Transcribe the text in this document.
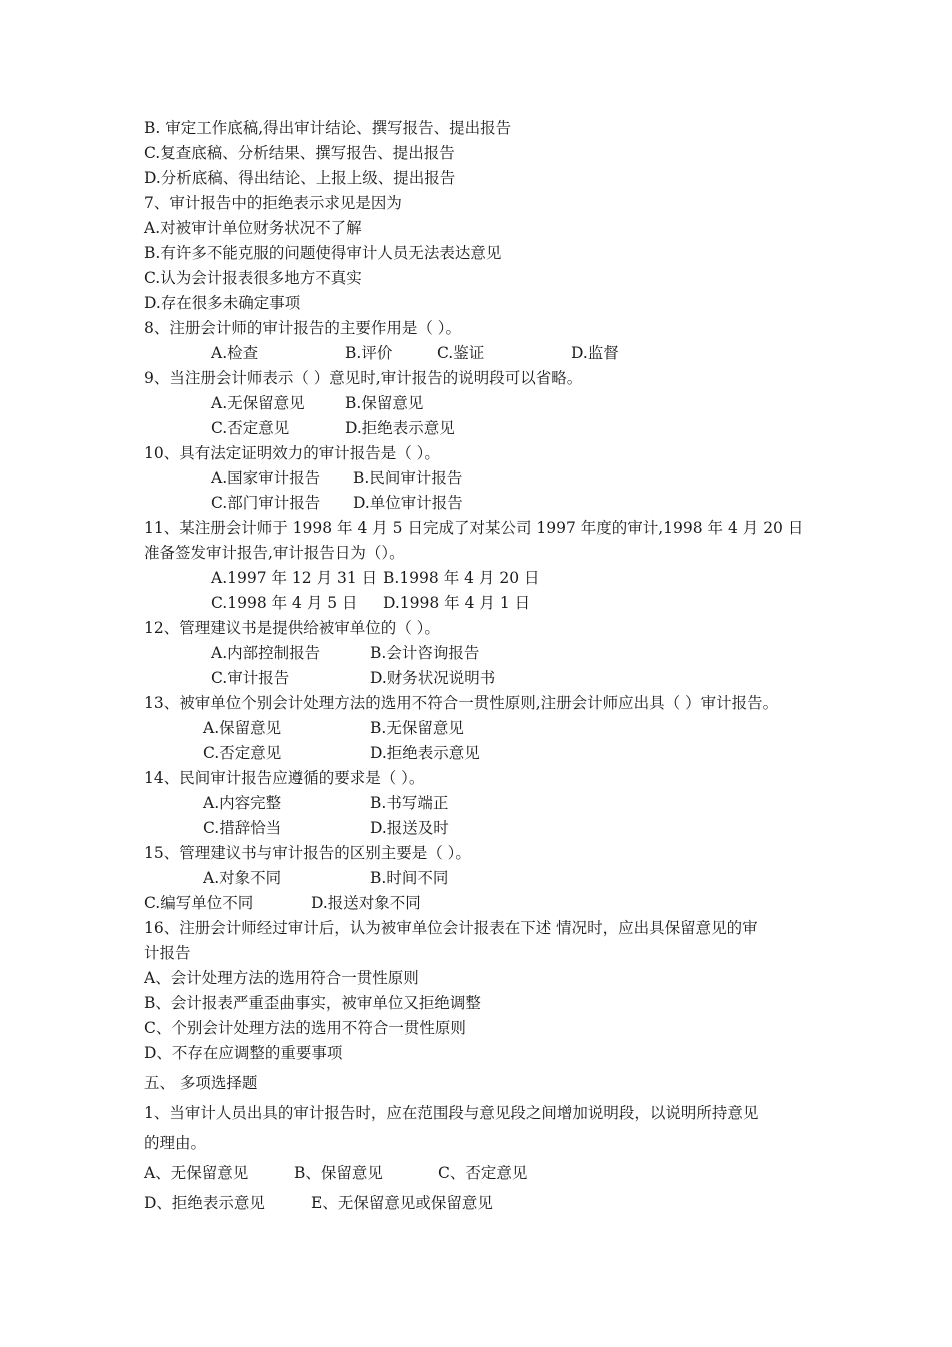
B. 审定工作底稿,得出审计结论、撰写报告、提出报告

C.复查底稿、分析结果、撰写报告、提出报告

D.分析底稿、得出结论、上报上级、提出报告

7、审计报告中的拒绝表示求见是因为

A.对被审计单位财务状况不了解

B.有许多不能克服的问题使得审计人员无法表达意见

C.认为会计报表很多地方不真实

D.存在很多未确定事项

8、注册会计师的审计报告的主要作用是（ ）。

A.检查	B.评价	C.鉴证	D.监督

9、当注册会计师表示（ ）意见时,审计报告的说明段可以省略。

A.无保留意见	B.保留意见

C.否定意见	D.拒绝表示意见

10、具有法定证明效力的审计报告是（ ）。

A.国家审计报告 B.民间审计报告

C.部门审计报告 D.单位审计报告

11、某注册会计师于 1998 年 4 月 5 日完成了对某公司 1997 年度的审计,1998 年 4 月 20 日

准备签发审计报告,审计报告日为（）。

A.1997 年 12 月 31 日 B.1998 年 4 月 20 日

C.1998 年 4 月 5 日 D.1998 年 4 月 1 日

12、管理建议书是提供给被审单位的（ ）。

A.内部控制报告	B.会计咨询报告

C.审计报告	D.财务状况说明书

13、被审单位个别会计处理方法的选用不符合一贯性原则,注册会计师应出具（ ）审计报告。

A.保留意见	B.无保留意见

C.否定意见	D.拒绝表示意见

14、民间审计报告应遵循的要求是（ ）。

A.内容完整	B.书写端正

C.措辞恰当	D.报送及时

15、管理建议书与审计报告的区别主要是（ ）。

A.对象不同	B.时间不同

C.编写单位不同	D.报送对象不同

16、注册会计师经过审计后，认为被审单位会计报表在下述 情况时，应出具保留意见的审

计报告

A、会计处理方法的选用符合一贯性原则

B、会计报表严重歪曲事实，被审单位又拒绝调整

C、个别会计处理方法的选用不符合一贯性原则

D、不存在应调整的重要事项

五、 多项选择题

1、当审计人员出具的审计报告时，应在范围段与意见段之间增加说明段，以说明所持意见

的理由。

A、无保留意见	B、保留意见	C、否定意见

D、拒绝表示意见	E、无保留意见或保留意见
